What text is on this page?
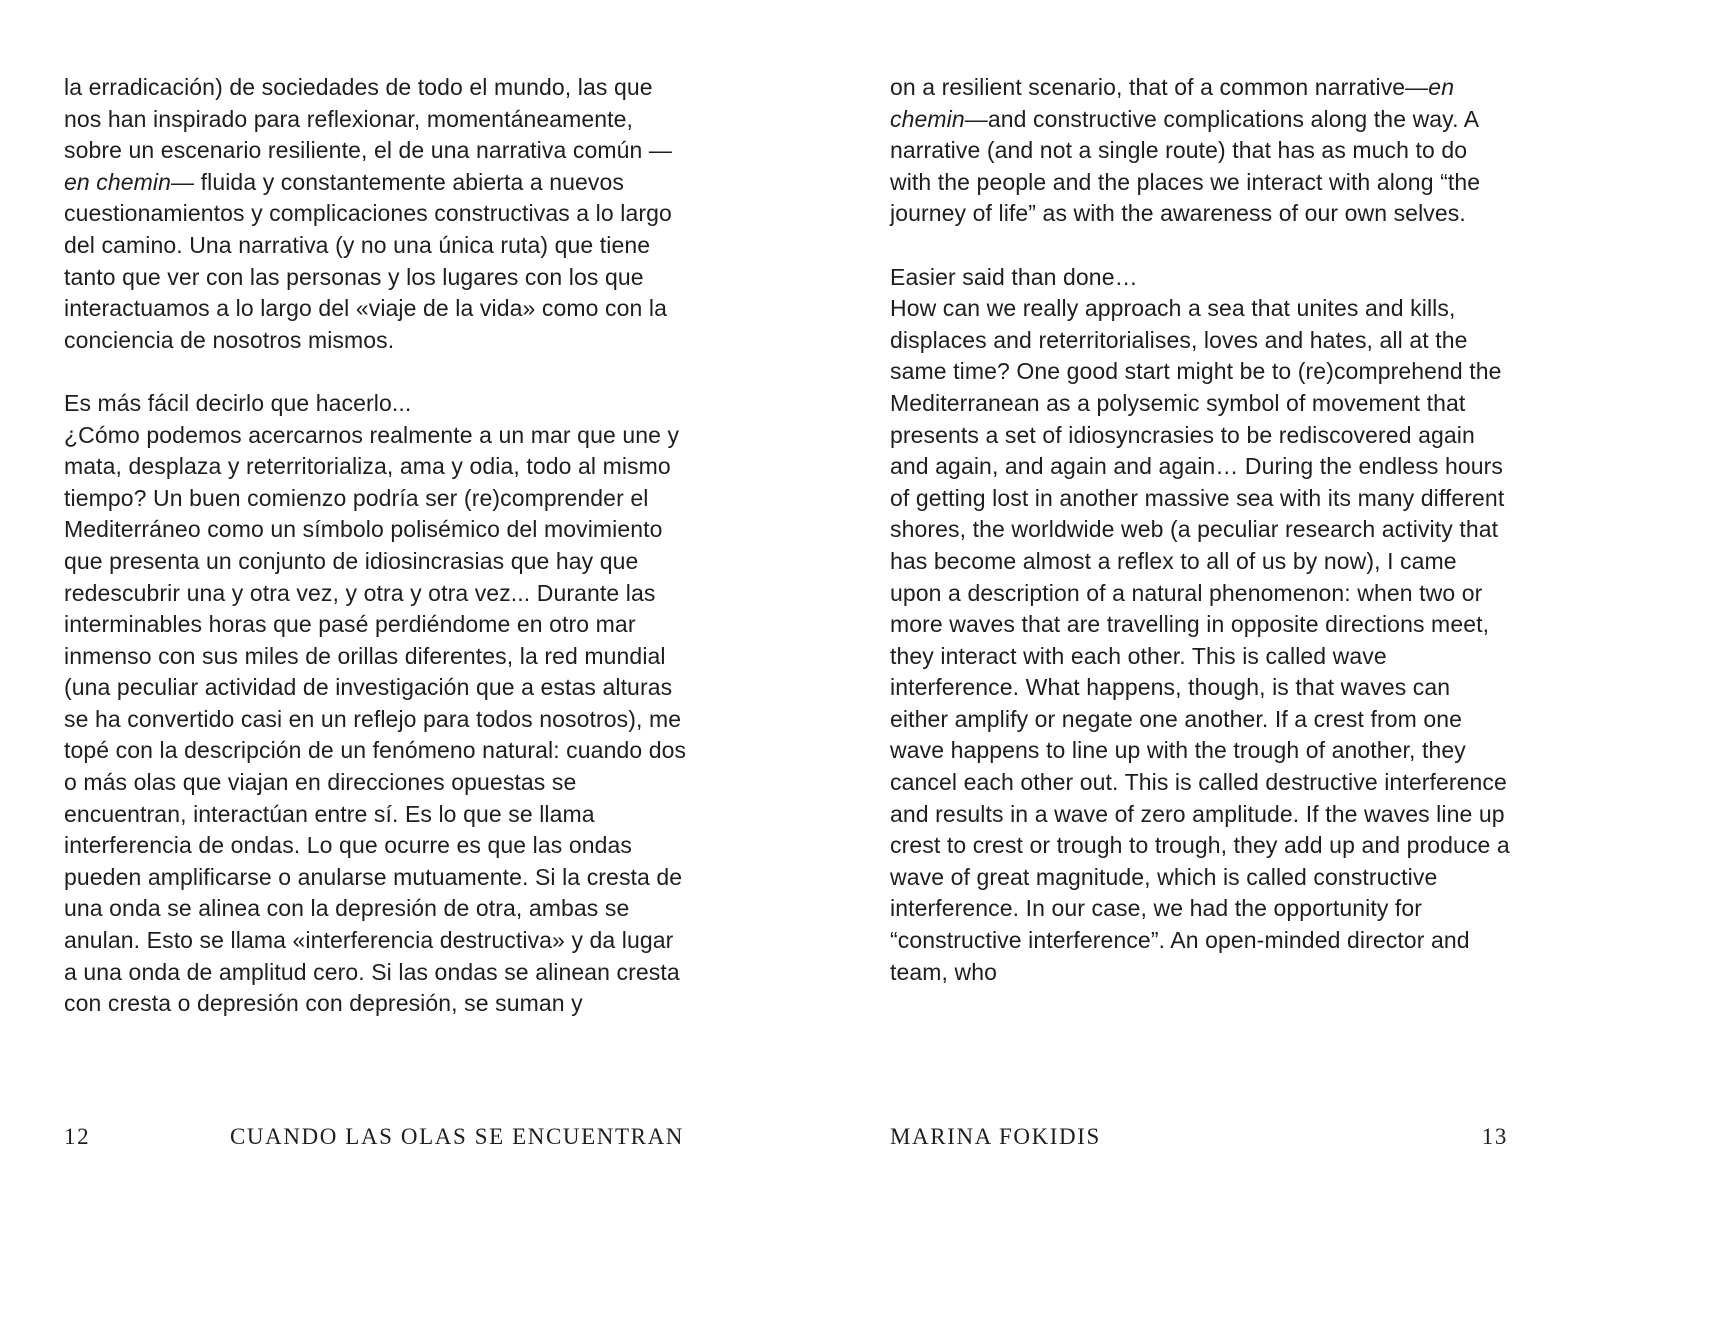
la erradicación) de sociedades de todo el mundo, las que nos han inspirado para reflexionar, momentáneamente, sobre un escenario resiliente, el de una narrativa común —en chemin— fluida y constantemente abierta a nuevos cuestionamientos y complicaciones constructivas a lo largo del camino. Una narrativa (y no una única ruta) que tiene tanto que ver con las personas y los lugares con los que interactuamos a lo largo del «viaje de la vida» como con la conciencia de nosotros mismos.

Es más fácil decirlo que hacerlo...

¿Cómo podemos acercarnos realmente a un mar que une y mata, desplaza y reterritorializa, ama y odia, todo al mismo tiempo? Un buen comienzo podría ser (re)comprender el Mediterráneo como un símbolo polisémico del movimiento que presenta un conjunto de idiosincrasias que hay que redescubrir una y otra vez, y otra y otra vez... Durante las interminables horas que pasé perdiéndome en otro mar inmenso con sus miles de orillas diferentes, la red mundial (una peculiar actividad de investigación que a estas alturas se ha convertido casi en un reflejo para todos nosotros), me topé con la descripción de un fenómeno natural: cuando dos o más olas que viajan en direcciones opuestas se encuentran, interactúan entre sí. Es lo que se llama interferencia de ondas. Lo que ocurre es que las ondas pueden amplificarse o anularse mutuamente. Si la cresta de una onda se alinea con la depresión de otra, ambas se anulan. Esto se llama «interferencia destructiva» y da lugar a una onda de amplitud cero. Si las ondas se alinean cresta con cresta o depresión con depresión, se suman y

on a resilient scenario, that of a common narrative—en chemin—and constructive complications along the way. A narrative (and not a single route) that has as much to do with the people and the places we interact with along “the journey of life” as with the awareness of our own selves.

Easier said than done…

How can we really approach a sea that unites and kills, displaces and reterritorialises, loves and hates, all at the same time? One good start might be to (re)comprehend the Mediterranean as a polysemic symbol of movement that presents a set of idiosyncrasies to be rediscovered again and again, and again and again… During the endless hours of getting lost in another massive sea with its many different shores, the worldwide web (a peculiar research activity that has become almost a reflex to all of us by now), I came upon a description of a natural phenomenon: when two or more waves that are travelling in opposite directions meet, they interact with each other. This is called wave interference. What happens, though, is that waves can either amplify or negate one another. If a crest from one wave happens to line up with the trough of another, they cancel each other out. This is called destructive interference and results in a wave of zero amplitude. If the waves line up crest to crest or trough to trough, they add up and produce a wave of great magnitude, which is called constructive interference. In our case, we had the opportunity for “constructive interference”. An open-minded director and team, who

12	CUANDO LAS OLAS SE ENCUENTRAN	MARINA FOKIDIS	13
